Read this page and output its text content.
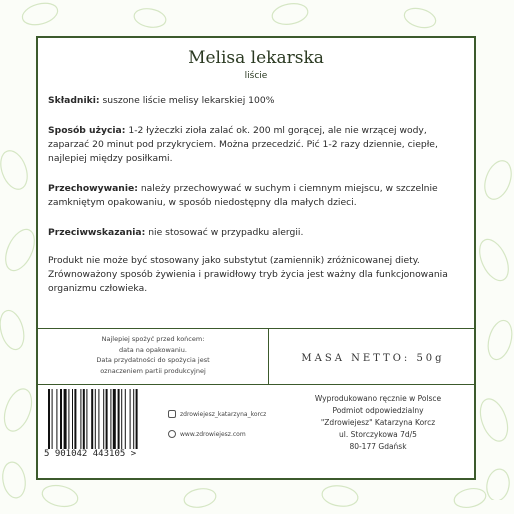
Melisa lekarska
liście

Składniki: suszone liście melisy lekarskiej 100%

Sposób użycia: 1-2 łyżeczki zioła zalać ok. 200 ml gorącej, ale nie wrzącej wody, zaparzać 20 minut pod przykryciem. Można przecedzić. Pić 1-2 razy dziennie, ciepłe, najlepiej między posiłkami.

Przechowywanie: należy przechowywać w suchym i ciemnym miejscu, w szczelnie zamkniętym opakowaniu, w sposób niedostępny dla małych dzieci.

Przeciwwskazania: nie stosować w przypadku alergii.

Produkt nie może być stosowany jako substytut (zamiennik) zróżnicowanej diety. Zrównoważony sposób żywienia i prawidłowy tryb życia jest ważny dla funkcjonowania organizmu człowieka.

Najlepiej spożyć przed końcem:
data na opakowaniu.
Data przydatności do spożycia jest
oznaczeniem partii produkcyjnej
MASA NETTO: 50g
5 901042 443105 >
zdrowiejesz_katarzyna_korcz
www.zdrowiejesz.com
Wyprodukowano ręcznie w Polsce
Podmiot odpowiedzialny
"Zdrowiejesz" Katarzyna Korcz
ul. Storczykowa 7d/5
80-177 Gdańsk
